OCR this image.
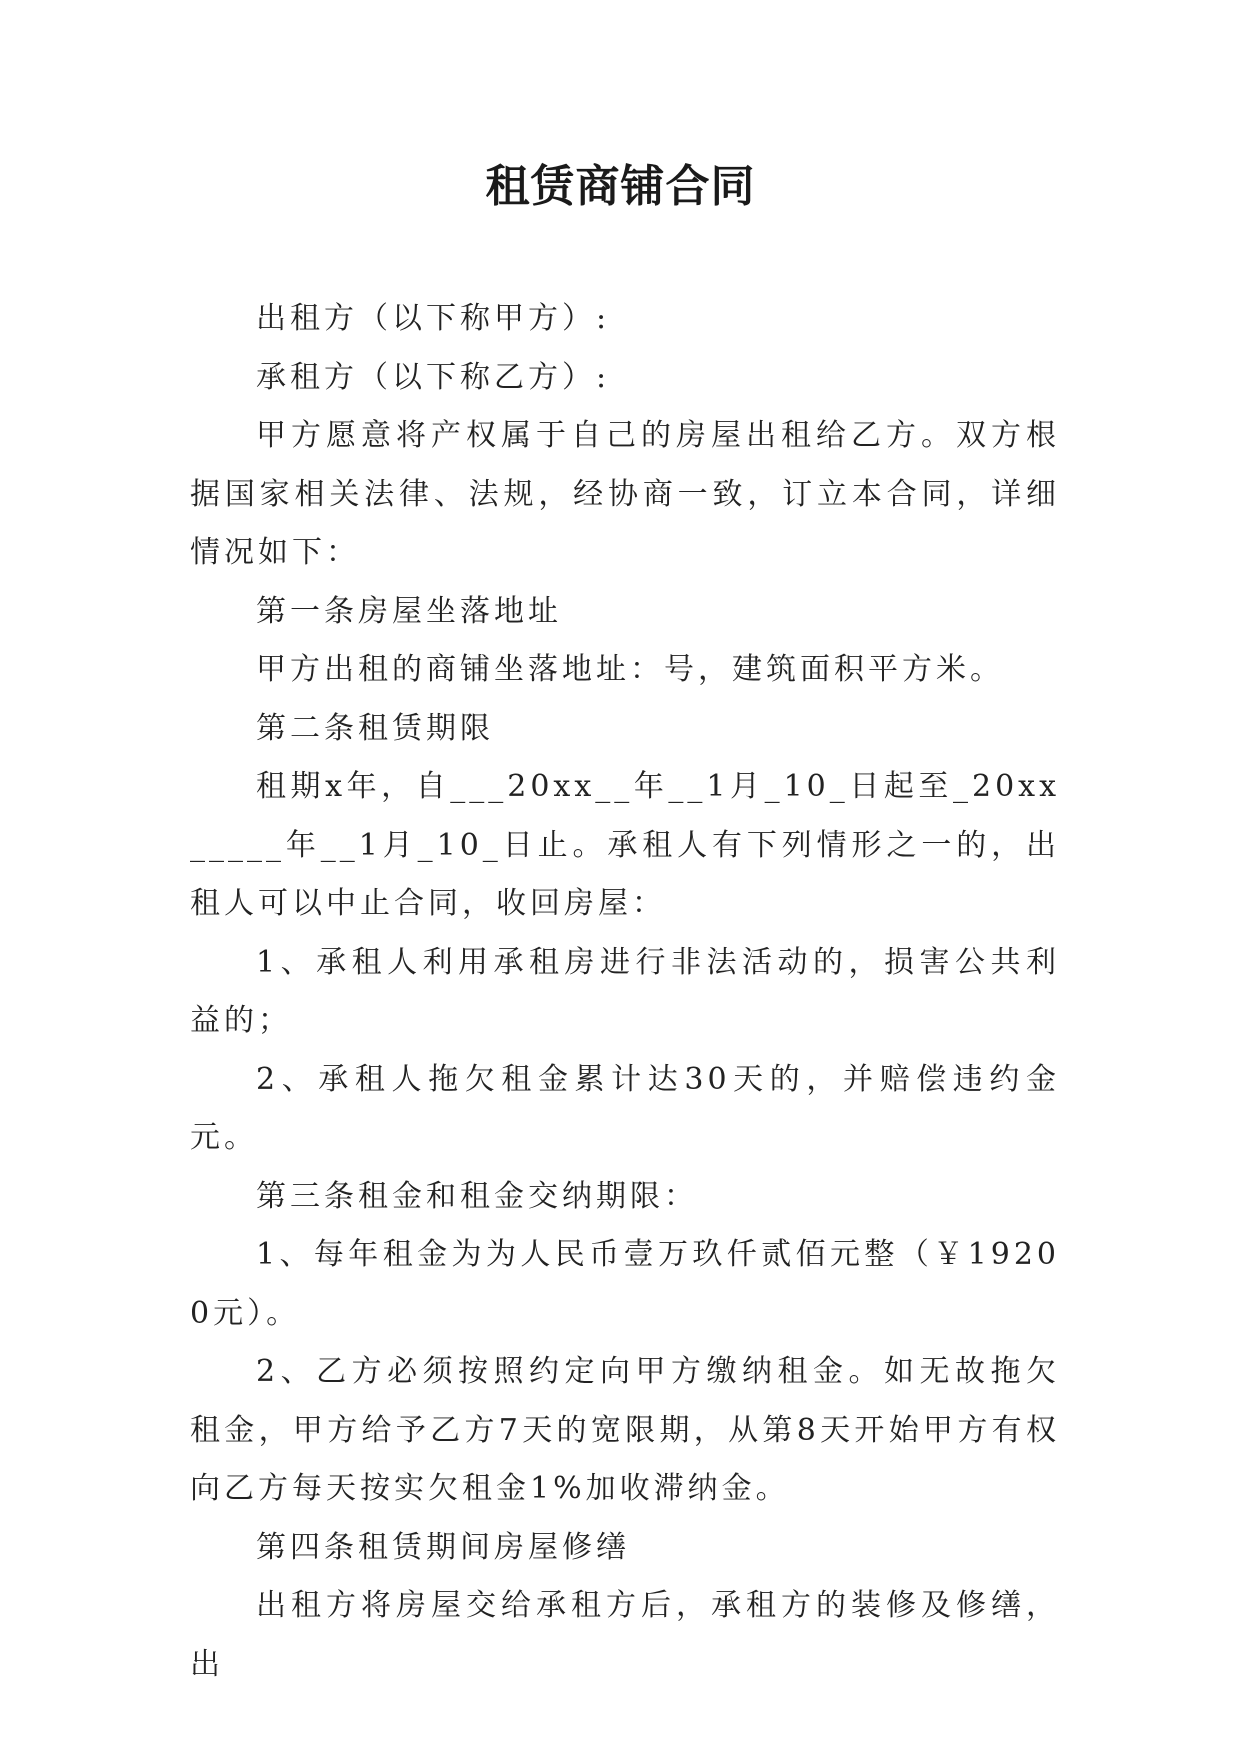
租赁商铺合同

出租方（以下称甲方）:

承租方（以下称乙方）:

甲方愿意将产权属于自己的房屋出租给乙方。双方根据国家相关法律、法规，经协商一致，订立本合同，详细情况如下：

第一条房屋坐落地址

甲方出租的商铺坐落地址：号，建筑面积平方米。

第二条租赁期限

租期x年，自___20xx__年__1月_10_日起至_20xx_____年__1月_10_日止。承租人有下列情形之一的，出租人可以中止合同，收回房屋：

1、承租人利用承租房进行非法活动的，损害公共利益的；

2、承租人拖欠租金累计达30天的，并赔偿违约金元。

第三条租金和租金交纳期限：

1、每年租金为为人民币壹万玖仟贰佰元整（￥19200元）。

2、乙方必须按照约定向甲方缴纳租金。如无故拖欠租金，甲方给予乙方7天的宽限期，从第8天开始甲方有权向乙方每天按实欠租金1%加收滞纳金。

第四条租赁期间房屋修缮

出租方将房屋交给承租方后，承租方的装修及修缮，出
